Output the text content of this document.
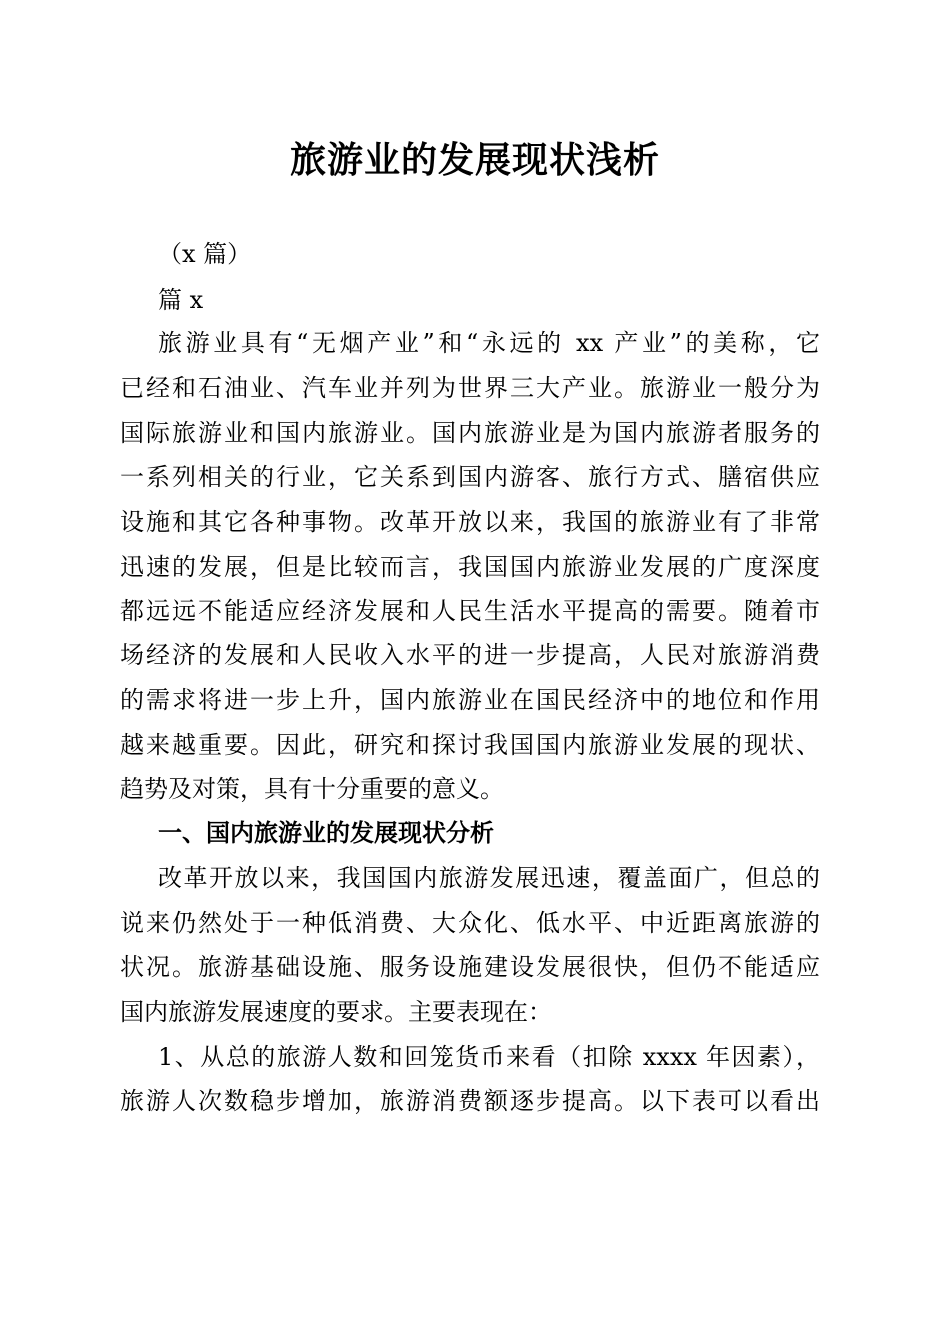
旅游业的发展现状浅析

（x 篇）

篇 x

旅游业具有“无烟产业”和“永远的 xx 产业”的美称，它

已经和石油业、汽车业并列为世界三大产业。旅游业一般分为

国际旅游业和国内旅游业。国内旅游业是为国内旅游者服务的

一系列相关的行业，它关系到国内游客、旅行方式、膳宿供应

设施和其它各种事物。改革开放以来，我国的旅游业有了非常

迅速的发展，但是比较而言，我国国内旅游业发展的广度深度

都远远不能适应经济发展和人民生活水平提高的需要。随着市

场经济的发展和人民收入水平的进一步提高，人民对旅游消费

的需求将进一步上升，国内旅游业在国民经济中的地位和作用

越来越重要。因此，研究和探讨我国国内旅游业发展的现状、

趋势及对策，具有十分重要的意义。

一、国内旅游业的发展现状分析

改革开放以来，我国国内旅游发展迅速，覆盖面广，但总的

说来仍然处于一种低消费、大众化、低水平、中近距离旅游的

状况。旅游基础设施、服务设施建设发展很快，但仍不能适应

国内旅游发展速度的要求。主要表现在：

1、从总的旅游人数和回笼货币来看（扣除 xxxx 年因素），

旅游人次数稳步增加，旅游消费额逐步提高。以下表可以看出
